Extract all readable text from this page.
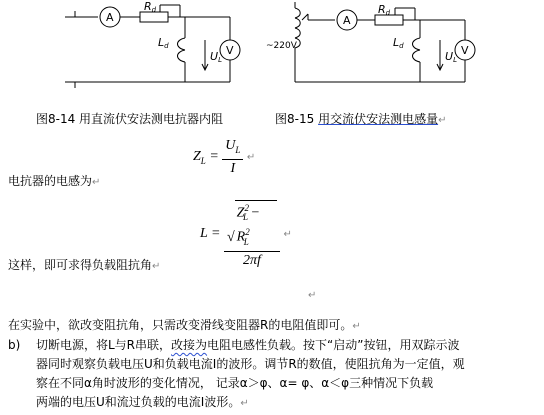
A
V
Rd
Ld
UL
~220V
A
V
Rd
Ld
UL
图8-14 用直流伏安法测电抗器内阻	图8-15 用交流伏安法测电感量↵
$Z_L = \frac{U_L}{I}$ ↵
电抗器的电感为↵
$L = \frac{√Z^2_L - R^2_L}{2\pi f}$ ↵
这样，即可求得负载阻抗角↵
↵
在实验中，欲改变阻抗角，只需改变滑线变阻器R的电阻值即可。↵
b) 切断电源，将L与R串联，改接为电阻电感性负载。按下“启动”按钮，用双踪示波
器同时观察负载电压U和负载电流I的波形。调节R的数值，使阻抗角为一定值，观
察在不同α角时波形的变化情况， 记录α＞φ、α= φ、α＜φ三种情况下负载
两端的电压U和流过负载的电流I波形。↵
